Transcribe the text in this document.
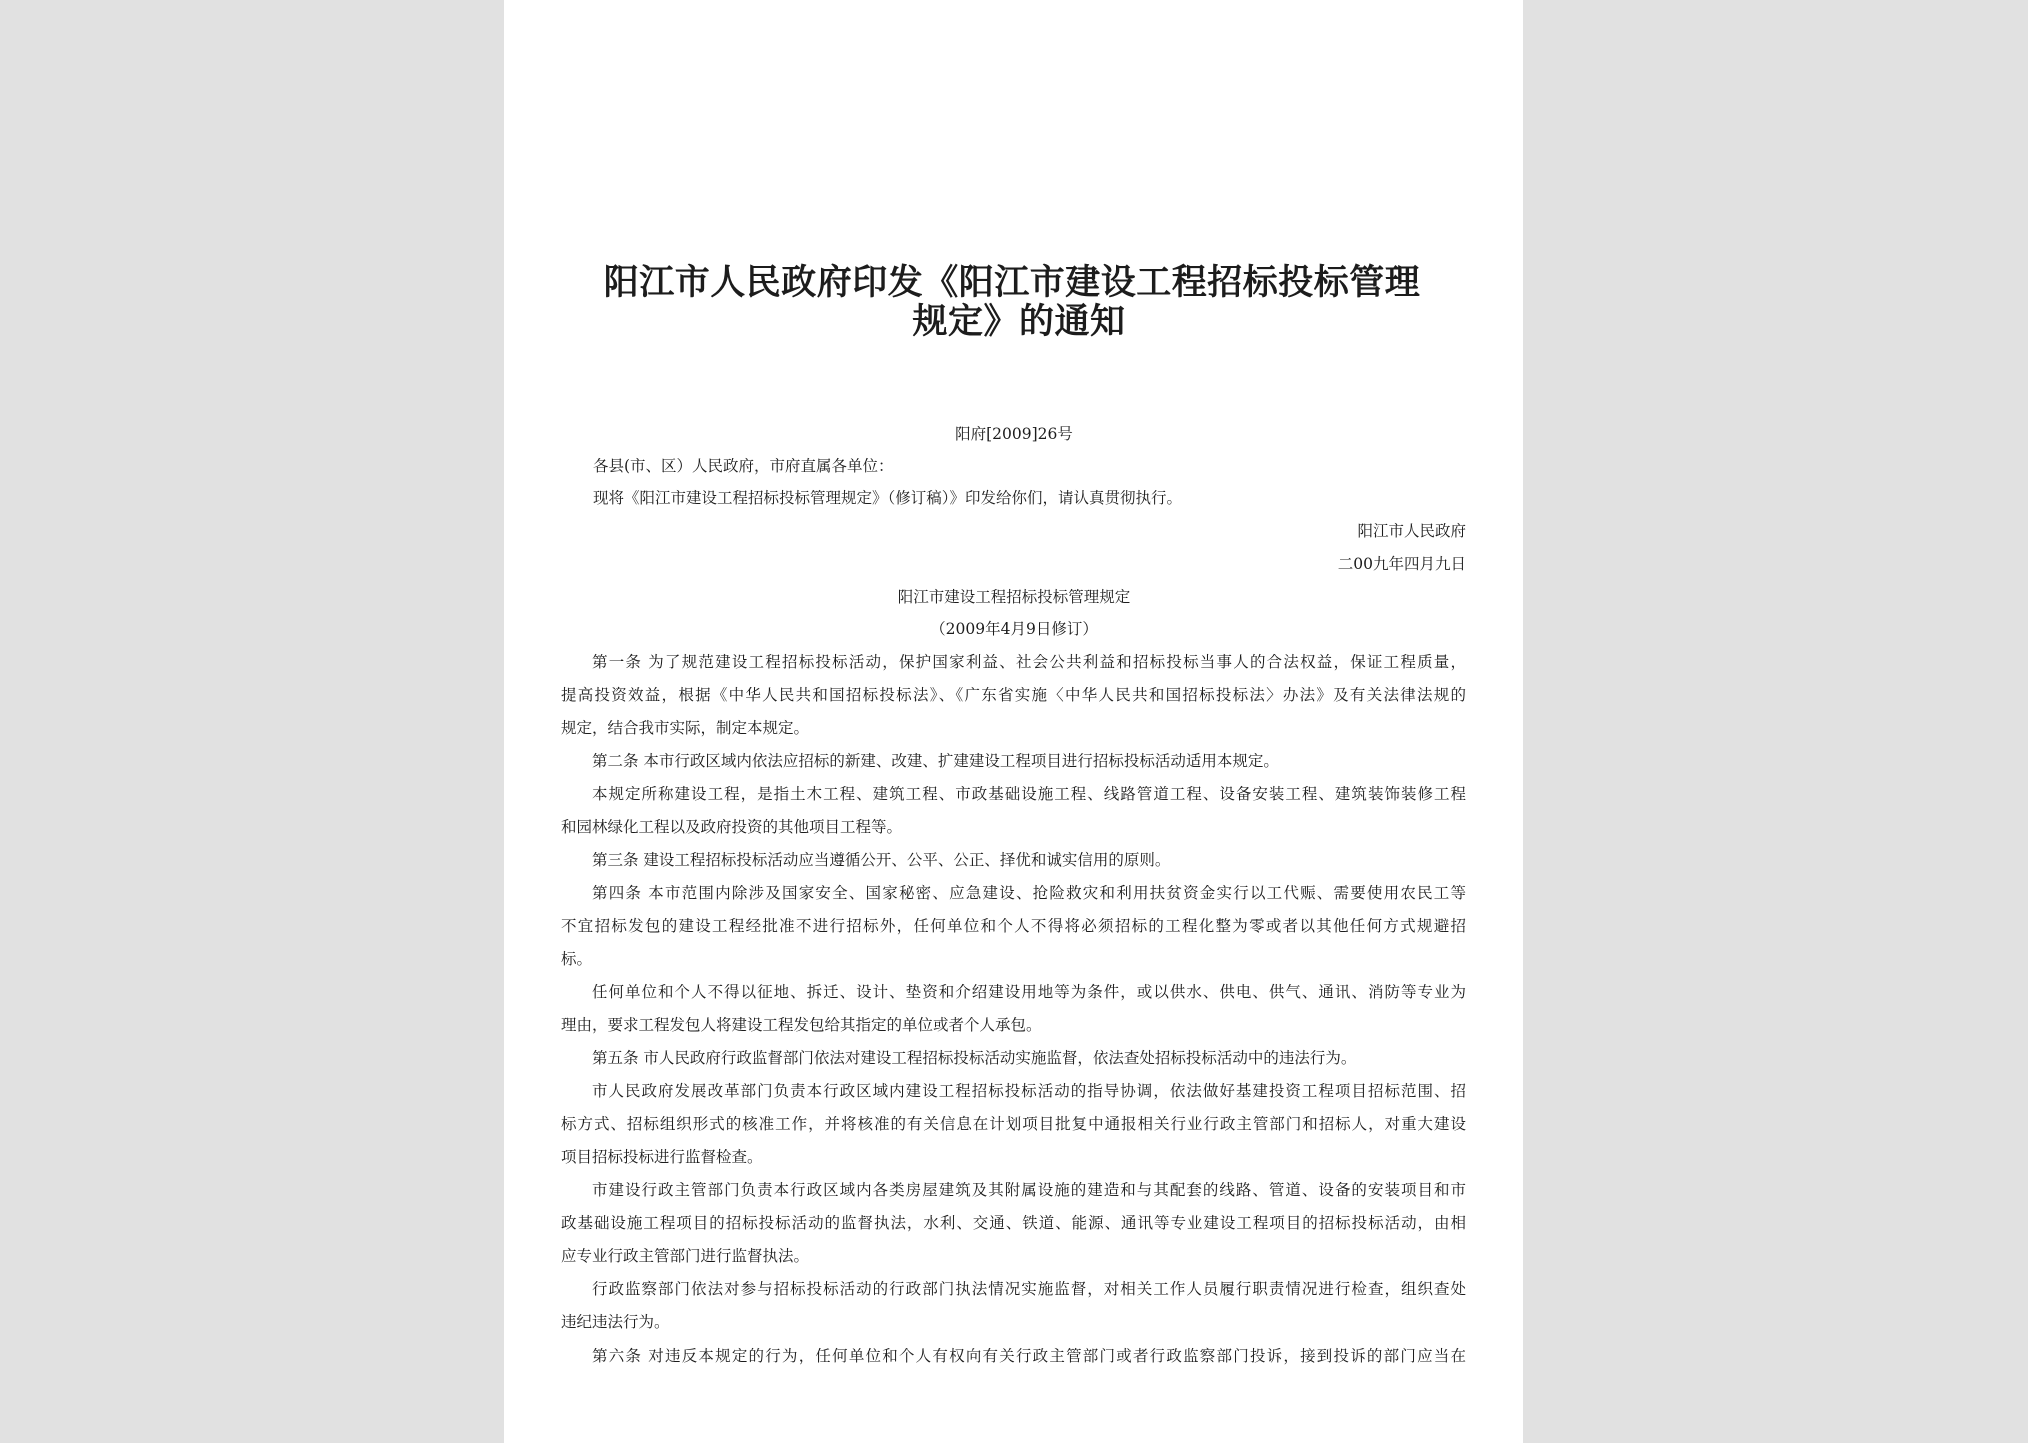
阳江市人民政府印发《阳江市建设工程招标投标管理
规定》的通知
阳府[2009]26号
各县(市、区）人民政府，市府直属各单位：
现将《阳江市建设工程招标投标管理规定》（修订稿）》印发给你们，请认真贯彻执行。
阳江市人民政府
二00九年四月九日
阳江市建设工程招标投标管理规定
（2009年4月9日修订）
第一条 为了规范建设工程招标投标活动，保护国家利益、社会公共利益和招标投标当事人的合法权益，保证工程质量，
提高投资效益，根据《中华人民共和国招标投标法》、《广东省实施〈中华人民共和国招标投标法〉办法》及有关法律法规的
规定，结合我市实际，制定本规定。
第二条 本市行政区域内依法应招标的新建、改建、扩建建设工程项目进行招标投标活动适用本规定。
本规定所称建设工程，是指土木工程、建筑工程、市政基础设施工程、线路管道工程、设备安装工程、建筑装饰装修工程
和园林绿化工程以及政府投资的其他项目工程等。
第三条 建设工程招标投标活动应当遵循公开、公平、公正、择优和诚实信用的原则。
第四条 本市范围内除涉及国家安全、国家秘密、应急建设、抢险救灾和利用扶贫资金实行以工代赈、需要使用农民工等
不宜招标发包的建设工程经批准不进行招标外，任何单位和个人不得将必须招标的工程化整为零或者以其他任何方式规避招
标。
任何单位和个人不得以征地、拆迁、设计、垫资和介绍建设用地等为条件，或以供水、供电、供气、通讯、消防等专业为
理由，要求工程发包人将建设工程发包给其指定的单位或者个人承包。
第五条 市人民政府行政监督部门依法对建设工程招标投标活动实施监督，依法查处招标投标活动中的违法行为。
市人民政府发展改革部门负责本行政区域内建设工程招标投标活动的指导协调，依法做好基建投资工程项目招标范围、招
标方式、招标组织形式的核准工作，并将核准的有关信息在计划项目批复中通报相关行业行政主管部门和招标人，对重大建设
项目招标投标进行监督检查。
市建设行政主管部门负责本行政区域内各类房屋建筑及其附属设施的建造和与其配套的线路、管道、设备的安装项目和市
政基础设施工程项目的招标投标活动的监督执法，水利、交通、铁道、能源、通讯等专业建设工程项目的招标投标活动，由相
应专业行政主管部门进行监督执法。
行政监察部门依法对参与招标投标活动的行政部门执法情况实施监督，对相关工作人员履行职责情况进行检查，组织查处
违纪违法行为。
第六条 对违反本规定的行为，任何单位和个人有权向有关行政主管部门或者行政监察部门投诉，接到投诉的部门应当在
